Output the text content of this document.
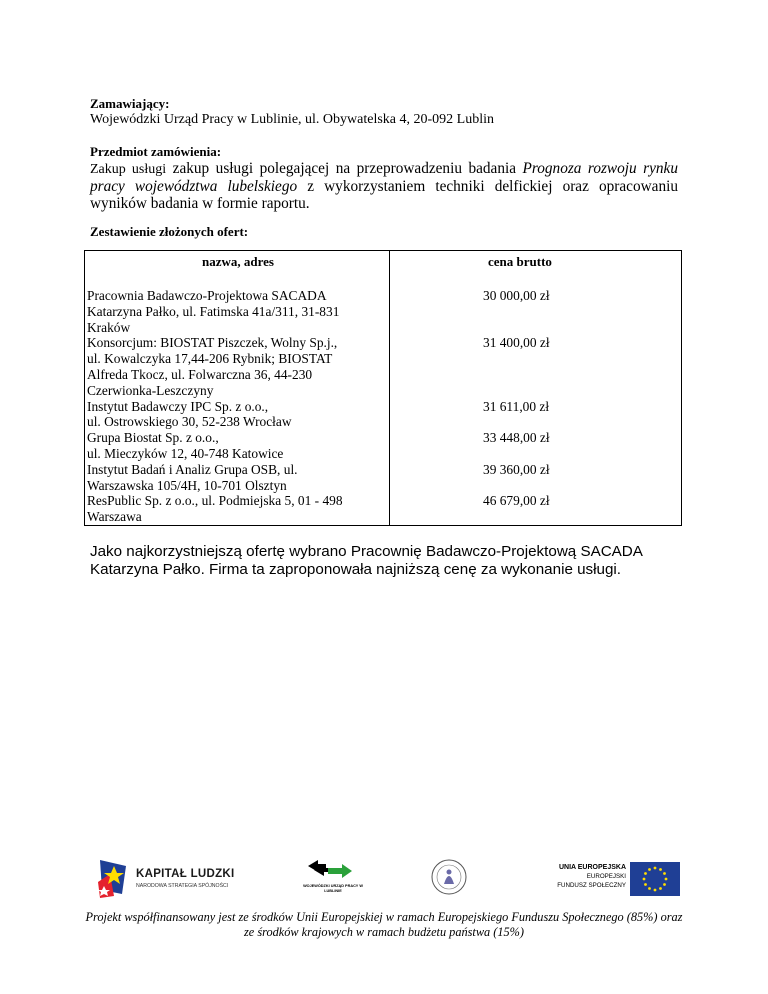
Zamawiający:
Wojewódzki Urząd Pracy w Lublinie, ul. Obywatelska 4, 20-092 Lublin
Przedmiot zamówienia:
Zakup usługi zakup usługi polegającej na przeprowadzeniu badania Prognoza rozwoju rynku pracy województwa lubelskiego z wykorzystaniem techniki delfickiej oraz opracowaniu wyników badania w formie raportu.
Zestawienie złożonych ofert:
nazwa, adres	cena brutto
Pracownia Badawczo-Projektowa SACADA
Katarzyna Pałko, ul. Fatimska 41a/311, 31-831
Kraków	30 000,00 zł
Konsorcjum: BIOSTAT Piszczek, Wolny Sp.j.,
ul. Kowalczyka 17,44-206 Rybnik; BIOSTAT
Alfreda Tkocz, ul. Folwarczna 36, 44-230
Czerwionka-Leszczyny	31 400,00 zł
Instytut Badawczy IPC Sp. z o.o.,
ul. Ostrowskiego 30, 52-238 Wrocław	31 611,00 zł
Grupa Biostat Sp. z o.o.,
ul. Mieczyków 12, 40-748 Katowice	33 448,00 zł
Instytut Badań i Analiz Grupa OSB, ul.
Warszawska 105/4H, 10-701 Olsztyn	39 360,00 zł
ResPublic Sp. z o.o., ul. Podmiejska 5, 01 - 498
Warszawa	46 679,00 zł
Jako najkorzystniejszą ofertę wybrano Pracownię Badawczo-Projektową SACADA Katarzyna Pałko. Firma ta zaproponowała najniższą cenę za wykonanie usługi.
KAPITAŁ LUDZKI
NARODOWA STRATEGIA SPÓJNOŚCI	WOJEWÓDZKI URZĄD PRACY W LUBLINIE
UNIA EUROPEJSKA
EUROPEJSKI
FUNDUSZ SPOŁECZNY
Projekt współfinansowany jest ze środków Unii Europejskiej w ramach Europejskiego Funduszu Społecznego (85%) oraz ze środków krajowych w ramach budżetu państwa (15%)
